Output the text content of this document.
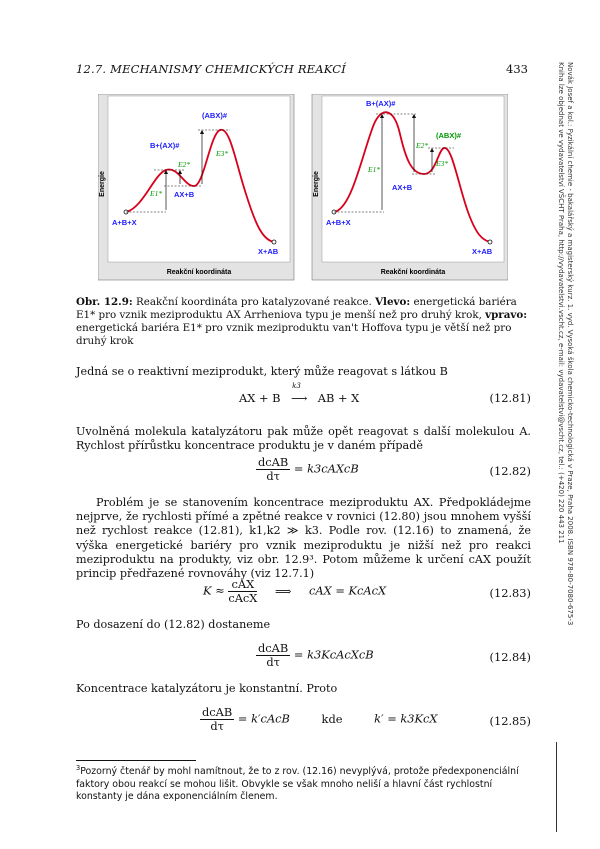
12.7. MECHANISMY CHEMICKÝCH REAKCÍ	433
Energie
Reakční koordináta
(ABX)#
B+(AX)#
E2*
E3*
E1* AX+B
A+B+X
X+AB
Energie
Reakční koordináta
B+(AX)#
(ABX)#
E2*
E3*
E1*
AX+B
A+B+X
X+AB
Obr. 12.9: Reakční koordináta pro katalyzované reakce. Vlevo: energetická bariéra E1* pro vznik meziproduktu AX Arrheniova typu je menší než pro druhý krok, vpravo: energetická bariéra E1* pro vznik meziproduktu van't Hoffova typu je větší než pro druhý krok
Jedná se o reaktivní meziprodukt, který může reagovat s látkou B
AX + B
k3
⟶ AB + X	(12.81)
Uvolněná molekula katalyzátoru pak může opět reagovat s další molekulou A. Rychlost přírůstku koncentrace produktu je v daném případě
$\frac{\text{dcAB}}{d\tau}$ = k3cAXcB	(12.82)
Problém je se stanovením koncentrace meziproduktu AX. Předpokládejme nejprve, že rychlosti přímé a zpětné reakce v rovnici (12.80) jsou mnohem vyšší než rychlost reakce (12.81), k1,k2 ≫ k3. Podle rov. (12.16) to znamená, že výška energetické bariéry pro vznik meziproduktu je nižší než pro reakci meziproduktu na produkty, viz obr. 12.9³. Potom můžeme k určení cAX použít princip předřazené rovnováhy (viz 12.7.1)
$K \approx \frac{\text{cAX}}{\text{cAcX}}$ ⟹ cAX = KcAcX	(12.83)
Po dosazení do (12.82) dostaneme
$\frac{\text{dcAB}}{d\tau}$ = k3KcAcXcB	(12.84)
Koncentrace katalyzátoru je konstantní. Proto
$\frac{\text{dcAB}}{d\tau}$ = k′cAcB	kde	k′ = k3KcX	(12.85)
$^3$Pozorný čtenář by mohl namítnout, že to z rov. (12.16) nevyplývá, protože předexponenciální faktory obou reakcí se mohou lišit. Obvykle se však mnoho neliší a hlavní část rychlostní konstanty je dána exponenciálním členem.
Novák Josef a kol.: Fyzikální chemie - bakalářský a magisterský kurz. 1. vyd. Vysoká škola chemicko-technologická v Praze, Praha 2008. ISBN 978-80-7080-675-3
Kniha lze objednat ve vydavatelství VŠCHT Praha, http://vydavatelstvi.vscht.cz, e-mail: vydavatelstvi@vscht.cz, tel.: (+420) 220 443 211
